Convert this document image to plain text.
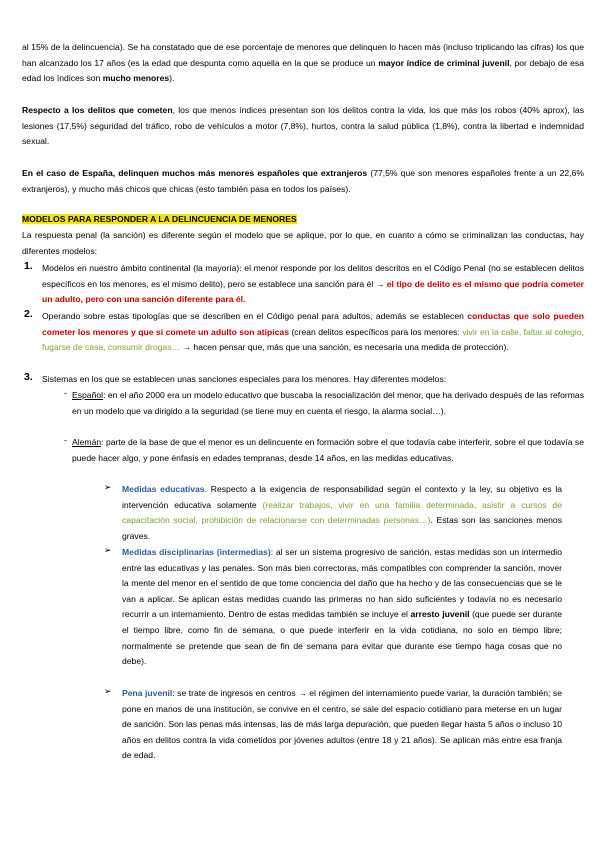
al 15% de la delincuencia). Se ha constatado que de ese porcentaje de menores que delinquen lo hacen más (incluso triplicando las cifras) los que han alcanzado los 17 años (es la edad que despunta como aquella en la que se produce un mayor índice de criminal juvenil, por debajo de esa edad los índices son mucho menores).

Respecto a los delitos que cometen, los que menos índices presentan son los delitos contra la vida, los que más los robos (40% aprox), las lesiones (17,5%) seguridad del tráfico, robo de vehículos a motor (7,8%), hurtos, contra la salud pública (1,8%), contra la libertad e indemnidad sexual.

En el caso de España, delinquen muchos más menores españoles que extranjeros (77,5% que son menores españoles frente a un 22,6% extranjeros), y mucho más chicos que chicas (esto también pasa en todos los países).

MODELOS PARA RESPONDER A LA DELINCUENCIA DE MENORES

La respuesta penal (la sanción) es diferente según el modelo que se aplique, por lo que, en cuanto a cómo se criminalizan las conductas, hay diferentes modelos:

1. Modelos en nuestro ámbito continental (la mayoría): el menor responde por los delitos descritos en el Código Penal (no se establecen delitos específicos en los menores, es el mismo delito), pero se establece una sanción para él → el tipo de delito es el mismo que podría cometer un adulto, pero con una sanción diferente para él.

2. Operando sobre estas tipologías que se describen en el Código penal para adultos, además se establecen conductas que solo pueden cometer los menores y que si comete un adulto son atípicas (crean delitos específicos para los menores: vivir en la calle, faltar al colegio, fugarse de casa, consumir drogas… → hacen pensar que, más que una sanción, es necesaria una medida de protección).

3. Sistemas en los que se establecen unas sanciones especiales para los menores. Hay diferentes modelos:

- Español: en el año 2000 era un modelo educativo que buscaba la resocialización del menor, que ha derivado después de las reformas en un modelo que va dirigido a la seguridad (se tiene muy en cuenta el riesgo, la alarma social…).

- Alemán: parte de la base de que el menor es un delincuente en formación sobre el que todavía cabe interferir, sobre el que todavía se puede hacer algo, y pone énfasis en edades tempranas, desde 14 años, en las medidas educativas.

➢ Medidas educativas. Respecto a la exigencia de responsabilidad según el contexto y la ley, su objetivo es la intervención educativa solamente (realizar trabajos, vivir en una familia determinada, asistir a cursos de capacitación social, prohibición de relacionarse con determinadas personas…). Estas son las sanciones menos graves.

➢ Medidas disciplinarias (intermedias): al ser un sistema progresivo de sanción, estas medidas son un intermedio entre las educativas y las penales. Son más bien correctoras, más compatibles con comprender la sanción, mover la mente del menor en el sentido de que tome conciencia del daño que ha hecho y de las consecuencias que se le van a aplicar. Se aplican estas medidas cuando las primeras no han sido suficientes y todavía no es necesario recurrir a un internamiento. Dentro de estas medidas también se incluye el arresto juvenil (que puede ser durante el tiempo libre, como fin de semana, o que puede interferir en la vida cotidiana, no solo en tiempo libre; normalmente se pretende que sean de fin de semana para evitar que durante ese tiempo haga cosas que no debe).

➢ Pena juvenil: se trate de ingresos en centros → el régimen del internamiento puede variar, la duración también; se pone en manos de una institución, se convive en el centro, se sale del espacio cotidiano para meterse en un lugar de sanción. Son las penas más intensas, las de más larga depuración, que pueden llegar hasta 5 años o incluso 10 años en delitos contra la vida cometidos por jóvenes adultos (entre 18 y 21 años). Se aplican más entre esa franja de edad.
